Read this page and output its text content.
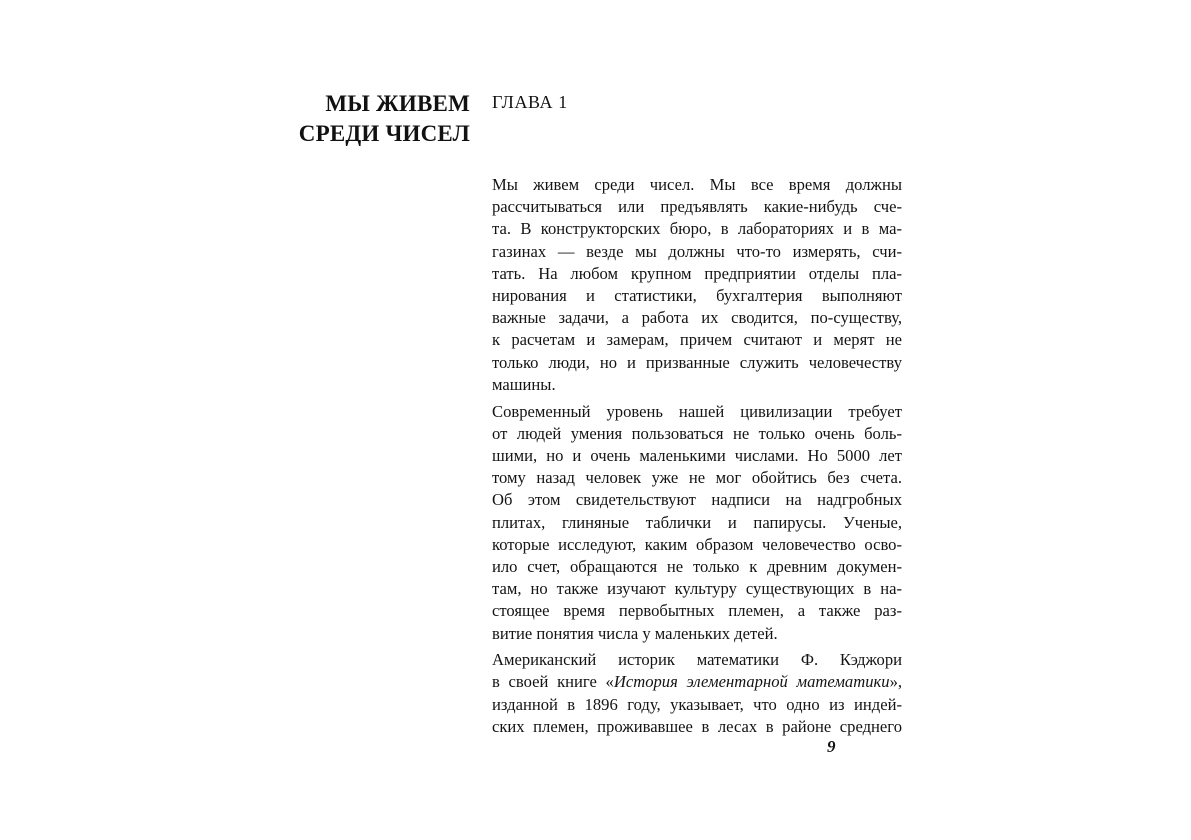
МЫ ЖИВЕМ
СРЕДИ ЧИСЕЛ
ГЛАВА 1

Мы живем среди чисел. Мы все время должны
рассчитываться или предъявлять какие-нибудь сче-
та. В конструкторских бюро, в лабораториях и в ма-
газинах — везде мы должны что-то измерять, счи-
тать. На любом крупном предприятии отделы пла-
нирования и статистики, бухгалтерия выполняют
важные задачи, а работа их сводится, по-существу,
к расчетам и замерам, причем считают и мерят не
только люди, но и призванные служить человечеству
машины.

Современный уровень нашей цивилизации требует
от людей умения пользоваться не только очень боль-
шими, но и очень маленькими числами. Но 5000 лет
тому назад человек уже не мог обойтись без счета.
Об этом свидетельствуют надписи на надгробных
плитах, глиняные таблички и папирусы. Ученые,
которые исследуют, каким образом человечество осво-
ило счет, обращаются не только к древним докумен-
там, но также изучают культуру существующих в на-
стоящее время первобытных племен, а также раз-
витие понятия числа у маленьких детей.

Американский историк математики Ф. Кэджори
в своей книге «История элементарной математики»,
изданной в 1896 году, указывает, что одно из индей-
ских племен, проживавшее в лесах в районе среднего

9
